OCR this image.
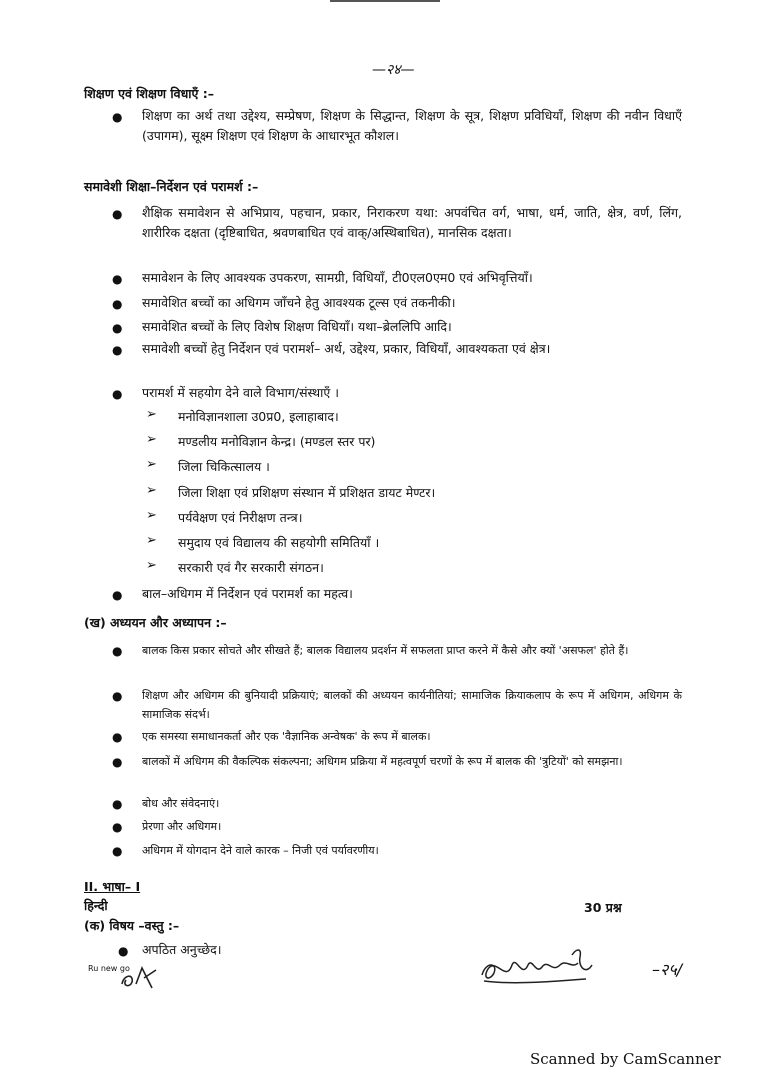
—२४—
शिक्षण एवं शिक्षण विधाएँ :–
● शिक्षण का अर्थ तथा उद्देश्य, सम्प्रेषण, शिक्षण के सिद्धान्त, शिक्षण के सूत्र, शिक्षण प्रविधियाँ, शिक्षण की नवीन विधाएँ (उपागम), सूक्ष्म शिक्षण एवं शिक्षण के आधारभूत कौशल।
समावेशी शिक्षा–निर्देशन एवं परामर्श :–
● शैक्षिक समावेशन से अभिप्राय, पहचान, प्रकार, निराकरण यथा: अपवंचित वर्ग, भाषा, धर्म, जाति, क्षेत्र, वर्ण, लिंग, शारीरिक दक्षता (दृष्टिबाधित, श्रवणबाधित एवं वाक्/अस्थिबाधित), मानसिक दक्षता।
● समावेशन के लिए आवश्यक उपकरण, सामग्री, विधियाँ, टी0एल0एम0 एवं अभिवृत्तियाँ।
● समावेशित बच्चों का अधिगम जाँचने हेतु आवश्यक टूल्स एवं तकनीकी।
● समावेशित बच्चों के लिए विशेष शिक्षण विधियाँ। यथा–ब्रेललिपि आदि।
● समावेशी बच्चों हेतु निर्देशन एवं परामर्श– अर्थ, उद्देश्य, प्रकार, विधियाँ, आवश्यकता एवं क्षेत्र।
● परामर्श में सहयोग देने वाले विभाग/संस्थाएँ ।
➢ मनोविज्ञानशाला उ0प्र0, इलाहाबाद।
➢ मण्डलीय मनोविज्ञान केन्द्र। (मण्डल स्तर पर)
➢ जिला चिकित्सालय ।
➢ जिला शिक्षा एवं प्रशिक्षण संस्थान में प्रशिक्षत डायट मेण्टर।
➢ पर्यवेक्षण एवं निरीक्षण तन्त्र।
➢ समुदाय एवं विद्यालय की सहयोगी समितियाँ ।
➢ सरकारी एवं गैर सरकारी संगठन।
● बाल–अधिगम में निर्देशन एवं परामर्श का महत्व।
(ख) अध्ययन और अध्यापन :–
● बालक किस प्रकार सोचते और सीखते हैं; बालक विद्यालय प्रदर्शन में सफलता प्राप्त करने में कैसे और क्यों 'असफल' होते हैं।
● शिक्षण और अधिगम की बुनियादी प्रक्रियाएं; बालकों की अध्ययन कार्यनीतियां; सामाजिक क्रियाकलाप के रूप में अधिगम, अधिगम के सामाजिक संदर्भ।
● एक समस्या समाधानकर्ता और एक 'वैज्ञानिक अन्वेषक' के रूप में बालक।
● बालकों में अधिगम की वैकल्पिक संकल्पना; अधिगम प्रक्रिया में महत्वपूर्ण चरणों के रूप में बालक की 'त्रुटियों' को समझना।
● बोध और संवेदनाएं।
● प्रेरणा और अधिगम।
● अधिगम में योगदान देने वाले कारक – निजी एवं पर्यावरणीय।
II. भाषा– I
हिन्दी	30 प्रश्न
(क) विषय –वस्तु :–
● अपठित अनुच्छेद।
Ru new go	–२५/
Scanned by CamScanner
